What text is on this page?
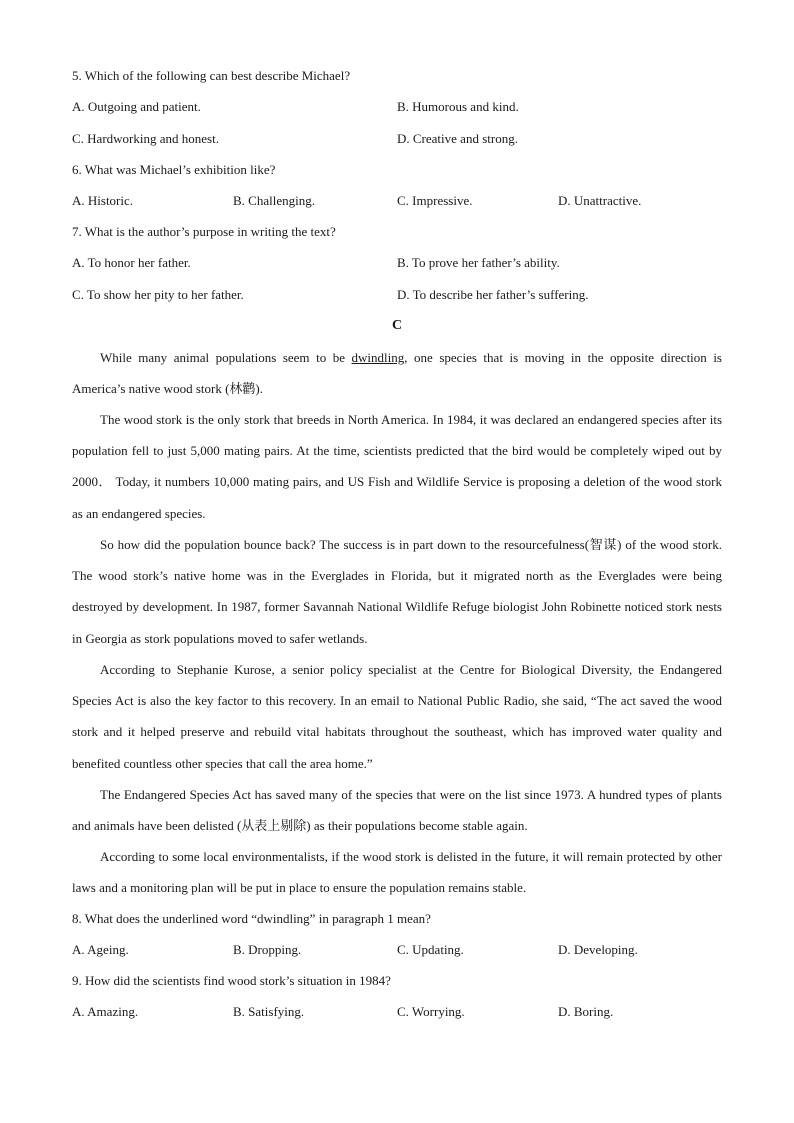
5. Which of the following can best describe Michael?
A. Outgoing and patient.	B. Humorous and kind.
C. Hardworking and honest.	D. Creative and strong.
6. What was Michael’s exhibition like?
A. Historic.	B. Challenging.	C. Impressive.	D. Unattractive.
7. What is the author’s purpose in writing the text?
A. To honor her father.	B. To prove her father’s ability.
C. To show her pity to her father.	D. To describe her father’s suffering.
C
While many animal populations seem to be dwindling, one species that is moving in the opposite direction is America’s native wood stork (林鹳).
The wood stork is the only stork that breeds in North America. In 1984, it was declared an endangered species after its population fell to just 5,000 mating pairs. At the time, scientists predicted that the bird would be completely wiped out by 2000． Today, it numbers 10,000 mating pairs, and US Fish and Wildlife Service is proposing a deletion of the wood stork as an endangered species.
So how did the population bounce back? The success is in part down to the resourcefulness(智谋) of the wood stork. The wood stork’s native home was in the Everglades in Florida, but it migrated north as the Everglades were being destroyed by development. In 1987, former Savannah National Wildlife Refuge biologist John Robinette noticed stork nests in Georgia as stork populations moved to safer wetlands.
According to Stephanie Kurose, a senior policy specialist at the Centre for Biological Diversity, the Endangered Species Act is also the key factor to this recovery. In an email to National Public Radio, she said, “The act saved the wood stork and it helped preserve and rebuild vital habitats throughout the southeast, which has improved water quality and benefited countless other species that call the area home.”
The Endangered Species Act has saved many of the species that were on the list since 1973. A hundred types of plants and animals have been delisted (从表上剔除) as their populations become stable again.
According to some local environmentalists, if the wood stork is delisted in the future, it will remain protected by other laws and a monitoring plan will be put in place to ensure the population remains stable.
8. What does the underlined word “dwindling” in paragraph 1 mean?
A. Ageing.	B. Dropping.	C. Updating.	D. Developing.
9. How did the scientists find wood stork’s situation in 1984?
A. Amazing.	B. Satisfying.	C. Worrying.	D. Boring.
